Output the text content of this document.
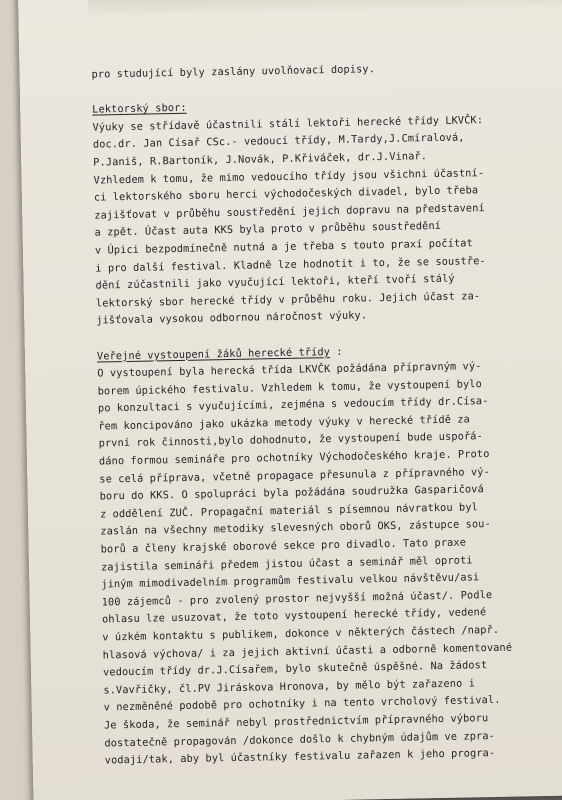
pro studující byly zaslány uvolňovací dopisy.
Lektorský sbor:
Výuky se střídavě účastnili stálí lektoři herecké třídy LKVČK:
doc.dr. Jan Císař CSc.- vedoucí třídy, M.Tardy,J.Cmíralová,
P.Janiš, R.Bartoník, J.Novák, P.Křiváček, dr.J.Vinař.
Vzhledem k tomu, že mimo vedoucího třídy jsou všichni účastní-
ci lektorského sboru herci východočeských divadel, bylo třeba
zajišťovat v průběhu soustředění jejich dopravu na představení
a zpět. Účast auta KKS byla proto v průběhu soustředění
v Úpici bezpodmínečně nutná a je třeba s touto praxí počítat
i pro další festival. Kladně lze hodnotit i to, že se soustře-
dění zúčastnili jako vyučující lektoři, kteří tvoří stálý
lektorský sbor herecké třídy v průběhu roku. Jejich účast za-
jišťovala vysokou odbornou náročnost výuky.
Veřejné vystoupení žáků herecké třídy :
O vystoupení byla herecká třída LKVČK požádána přípravným vý-
borem úpického festivalu. Vzhledem k tomu, že vystoupení bylo
po konzultaci s vyučujícími, zejména s vedoucím třídy dr.Císa-
řem koncipováno jako ukázka metody výuky v herecké třídě za
první rok činnosti,bylo dohodnuto, že vystoupení bude uspořá-
dáno formou semináře pro ochotníky Východočeského kraje. Proto
se celá příprava, včetně propagace přesunula z přípravného vý-
boru do KKS. O spolupráci byla požádána soudružka Gasparičová
z oddělení ZUČ. Propagační materiál s písemnou návratkou byl
zaslán na všechny metodiky slevesných oborů OKS, zástupce sou-
borů a členy krajské oborové sekce pro divadlo. Tato praxe
zajistila semináři předem jistou účast a seminář měl oproti
jiným mimodivadelním programům festivalu velkou návštěvu/asi
100 zájemců - pro zvolený prostor nejvyšší možná účast/. Podle
ohlasu lze usuzovat, že toto vystoupení herecké třídy, vedené
v úzkém kontaktu s publikem, dokonce v některých částech /např.
hlasová výchova/ i za jejich aktivní účasti a odborně komentované
vedoucím třídy dr.J.Císařem, bylo skutečně úspěšné. Na žádost
s.Vavřičky, čl.PV Jiráskova Hronova, by mělo být zařazeno i
v nezměněné podobě pro ochotníky i na tento vrcholový festival.
Je škoda, že seminář nebyl prostřednictvím přípravného výboru
dostatečně propagován /dokonce došlo k chybným údajům ve zpra-
vodaji/tak, aby byl účastníky festivalu zařazen k jeho progra-
